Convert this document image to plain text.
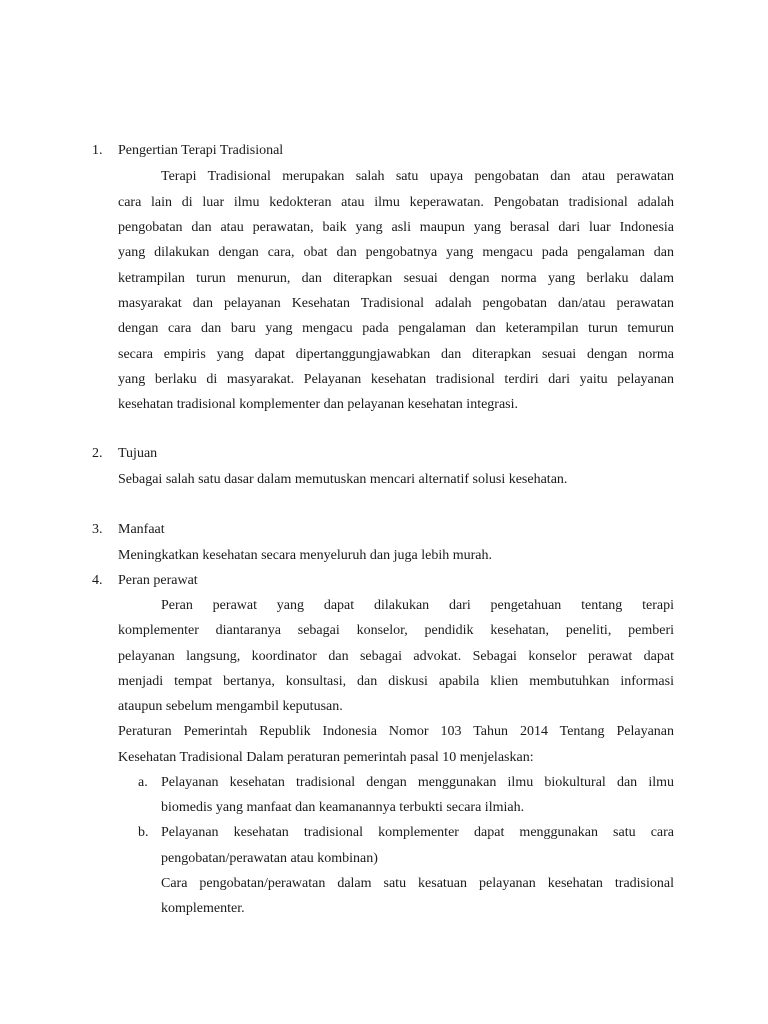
1. Pengertian Terapi Tradisional
Terapi Tradisional merupakan salah satu upaya pengobatan dan atau perawatan
cara lain di luar ilmu kedokteran atau ilmu keperawatan. Pengobatan tradisional adalah
pengobatan dan atau perawatan, baik yang asli maupun yang berasal dari luar Indonesia
yang dilakukan dengan cara, obat dan pengobatnya yang mengacu pada pengalaman dan
ketrampilan turun menurun, dan diterapkan sesuai dengan norma yang berlaku dalam
masyarakat dan pelayanan Kesehatan Tradisional adalah pengobatan dan/atau perawatan
dengan cara dan baru yang mengacu pada pengalaman dan keterampilan turun temurun
secara empiris yang dapat dipertanggungjawabkan dan diterapkan sesuai dengan norma
yang berlaku di masyarakat. Pelayanan kesehatan tradisional terdiri dari yaitu pelayanan
kesehatan tradisional komplementer dan pelayanan kesehatan integrasi.
2. Tujuan
Sebagai salah satu dasar dalam memutuskan mencari alternatif solusi kesehatan.
3. Manfaat
Meningkatkan kesehatan secara menyeluruh dan juga lebih murah.
4. Peran perawat
Peran perawat yang dapat dilakukan dari pengetahuan tentang terapi
komplementer diantaranya sebagai konselor, pendidik kesehatan, peneliti, pemberi
pelayanan langsung, koordinator dan sebagai advokat. Sebagai konselor perawat dapat
menjadi tempat bertanya, konsultasi, dan diskusi apabila klien membutuhkan informasi
ataupun sebelum mengambil keputusan.
Peraturan Pemerintah Republik Indonesia Nomor 103 Tahun 2014 Tentang Pelayanan
Kesehatan Tradisional Dalam peraturan pemerintah pasal 10 menjelaskan:
a. Pelayanan kesehatan tradisional dengan menggunakan ilmu biokultural dan ilmu
biomedis yang manfaat dan keamanannya terbukti secara ilmiah.
b. Pelayanan kesehatan tradisional komplementer dapat menggunakan satu cara
pengobatan/perawatan atau kombinan)
Cara pengobatan/perawatan dalam satu kesatuan pelayanan kesehatan tradisional
komplementer.
